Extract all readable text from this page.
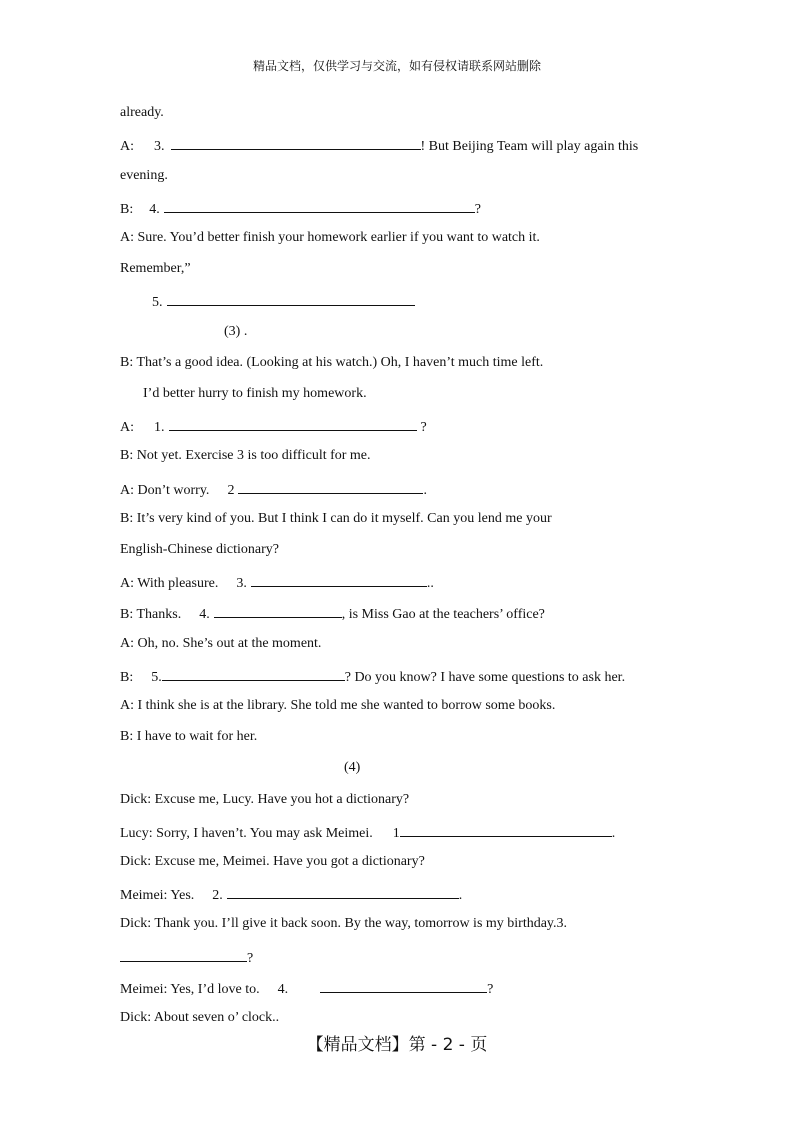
精品文档，仅供学习与交流，如有侵权请联系网站删除
already.
A: 3.	! But Beijing Team will play again this
evening.
B: 4.	?
A: Sure. You’d better finish your homework earlier if you want to watch it.
Remember,”
5.
(3) .
B: That’s a good idea. (Looking at his watch.) Oh, I haven’t much time left.
I’d better hurry to finish my homework.
A: 1.	?
B: Not yet. Exercise 3 is too difficult for me.
A: Don’t worry. 2	.
B: It’s very kind of you. But I think I can do it myself. Can you lend me your
English-Chinese dictionary?
A: With pleasure. 3.	..
B: Thanks. 4.	, is Miss Gao at the teachers’ office?
A: Oh, no. She’s out at the moment.
B: 5.	? Do you know? I have some questions to ask her.
A: I think she is at the library. She told me she wanted to borrow some books.
B: I have to wait for her.
(4)
Dick: Excuse me, Lucy. Have you hot a dictionary?
Lucy: Sorry, I haven’t. You may ask Meimei. 1	.
Dick: Excuse me, Meimei. Have you got a dictionary?
Meimei: Yes. 2.	.
Dick: Thank you. I’ll give it back soon. By the way, tomorrow is my birthday.3.
?
Meimei: Yes, I’d love to. 4.	?
Dick: About seven o’ clock..
【精品文档】第 - 2 - 页
